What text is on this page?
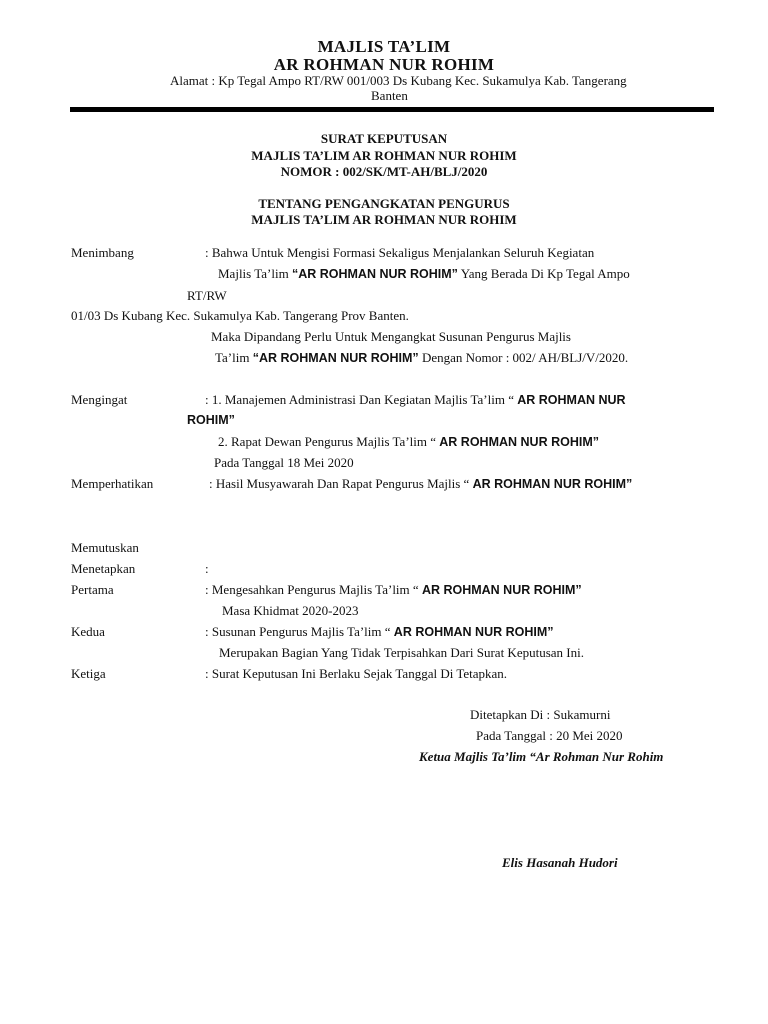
MAJLIS TA’LIM
AR ROHMAN NUR ROHIM
Alamat : Kp Tegal Ampo RT/RW 001/003 Ds Kubang Kec. Sukamulya Kab. Tangerang
Banten
SURAT KEPUTUSAN
MAJLIS TA’LIM AR ROHMAN NUR ROHIM
NOMOR : 002/SK/MT-AH/BLJ/2020
TENTANG PENGANGKATAN PENGURUS
MAJLIS TA’LIM AR ROHMAN NUR ROHIM
Menimbang	: Bahwa Untuk Mengisi Formasi Sekaligus Menjalankan Seluruh Kegiatan
Majlis Ta’lim “AR ROHMAN NUR ROHIM” Yang Berada Di Kp Tegal Ampo
RT/RW
01/03 Ds Kubang Kec. Sukamulya Kab. Tangerang Prov Banten.
Maka Dipandang Perlu Untuk Mengangkat Susunan Pengurus Majlis
Ta’lim “AR ROHMAN NUR ROHIM” Dengan Nomor : 002/ AH/BLJ/V/2020.
Mengingat	: 1. Manajemen Administrasi Dan Kegiatan Majlis Ta’lim “ AR ROHMAN NUR
ROHIM”
2. Rapat Dewan Pengurus Majlis Ta’lim “ AR ROHMAN NUR ROHIM”
Pada Tanggal 18 Mei 2020
Memperhatikan	: Hasil Musyawarah Dan Rapat Pengurus Majlis “ AR ROHMAN NUR ROHIM”
Memutuskan
Menetapkan	:
Pertama	: Mengesahkan Pengurus Majlis Ta’lim “ AR ROHMAN NUR ROHIM”
Masa Khidmat 2020-2023
Kedua	: Susunan Pengurus Majlis Ta’lim “ AR ROHMAN NUR ROHIM”
Merupakan Bagian Yang Tidak Terpisahkan Dari Surat Keputusan Ini.
Ketiga	: Surat Keputusan Ini Berlaku Sejak Tanggal Di Tetapkan.
Ditetapkan Di : Sukamurni
Pada Tanggal : 20 Mei 2020
Ketua Majlis Ta’lim “Ar Rohman Nur Rohim
Elis Hasanah Hudori
